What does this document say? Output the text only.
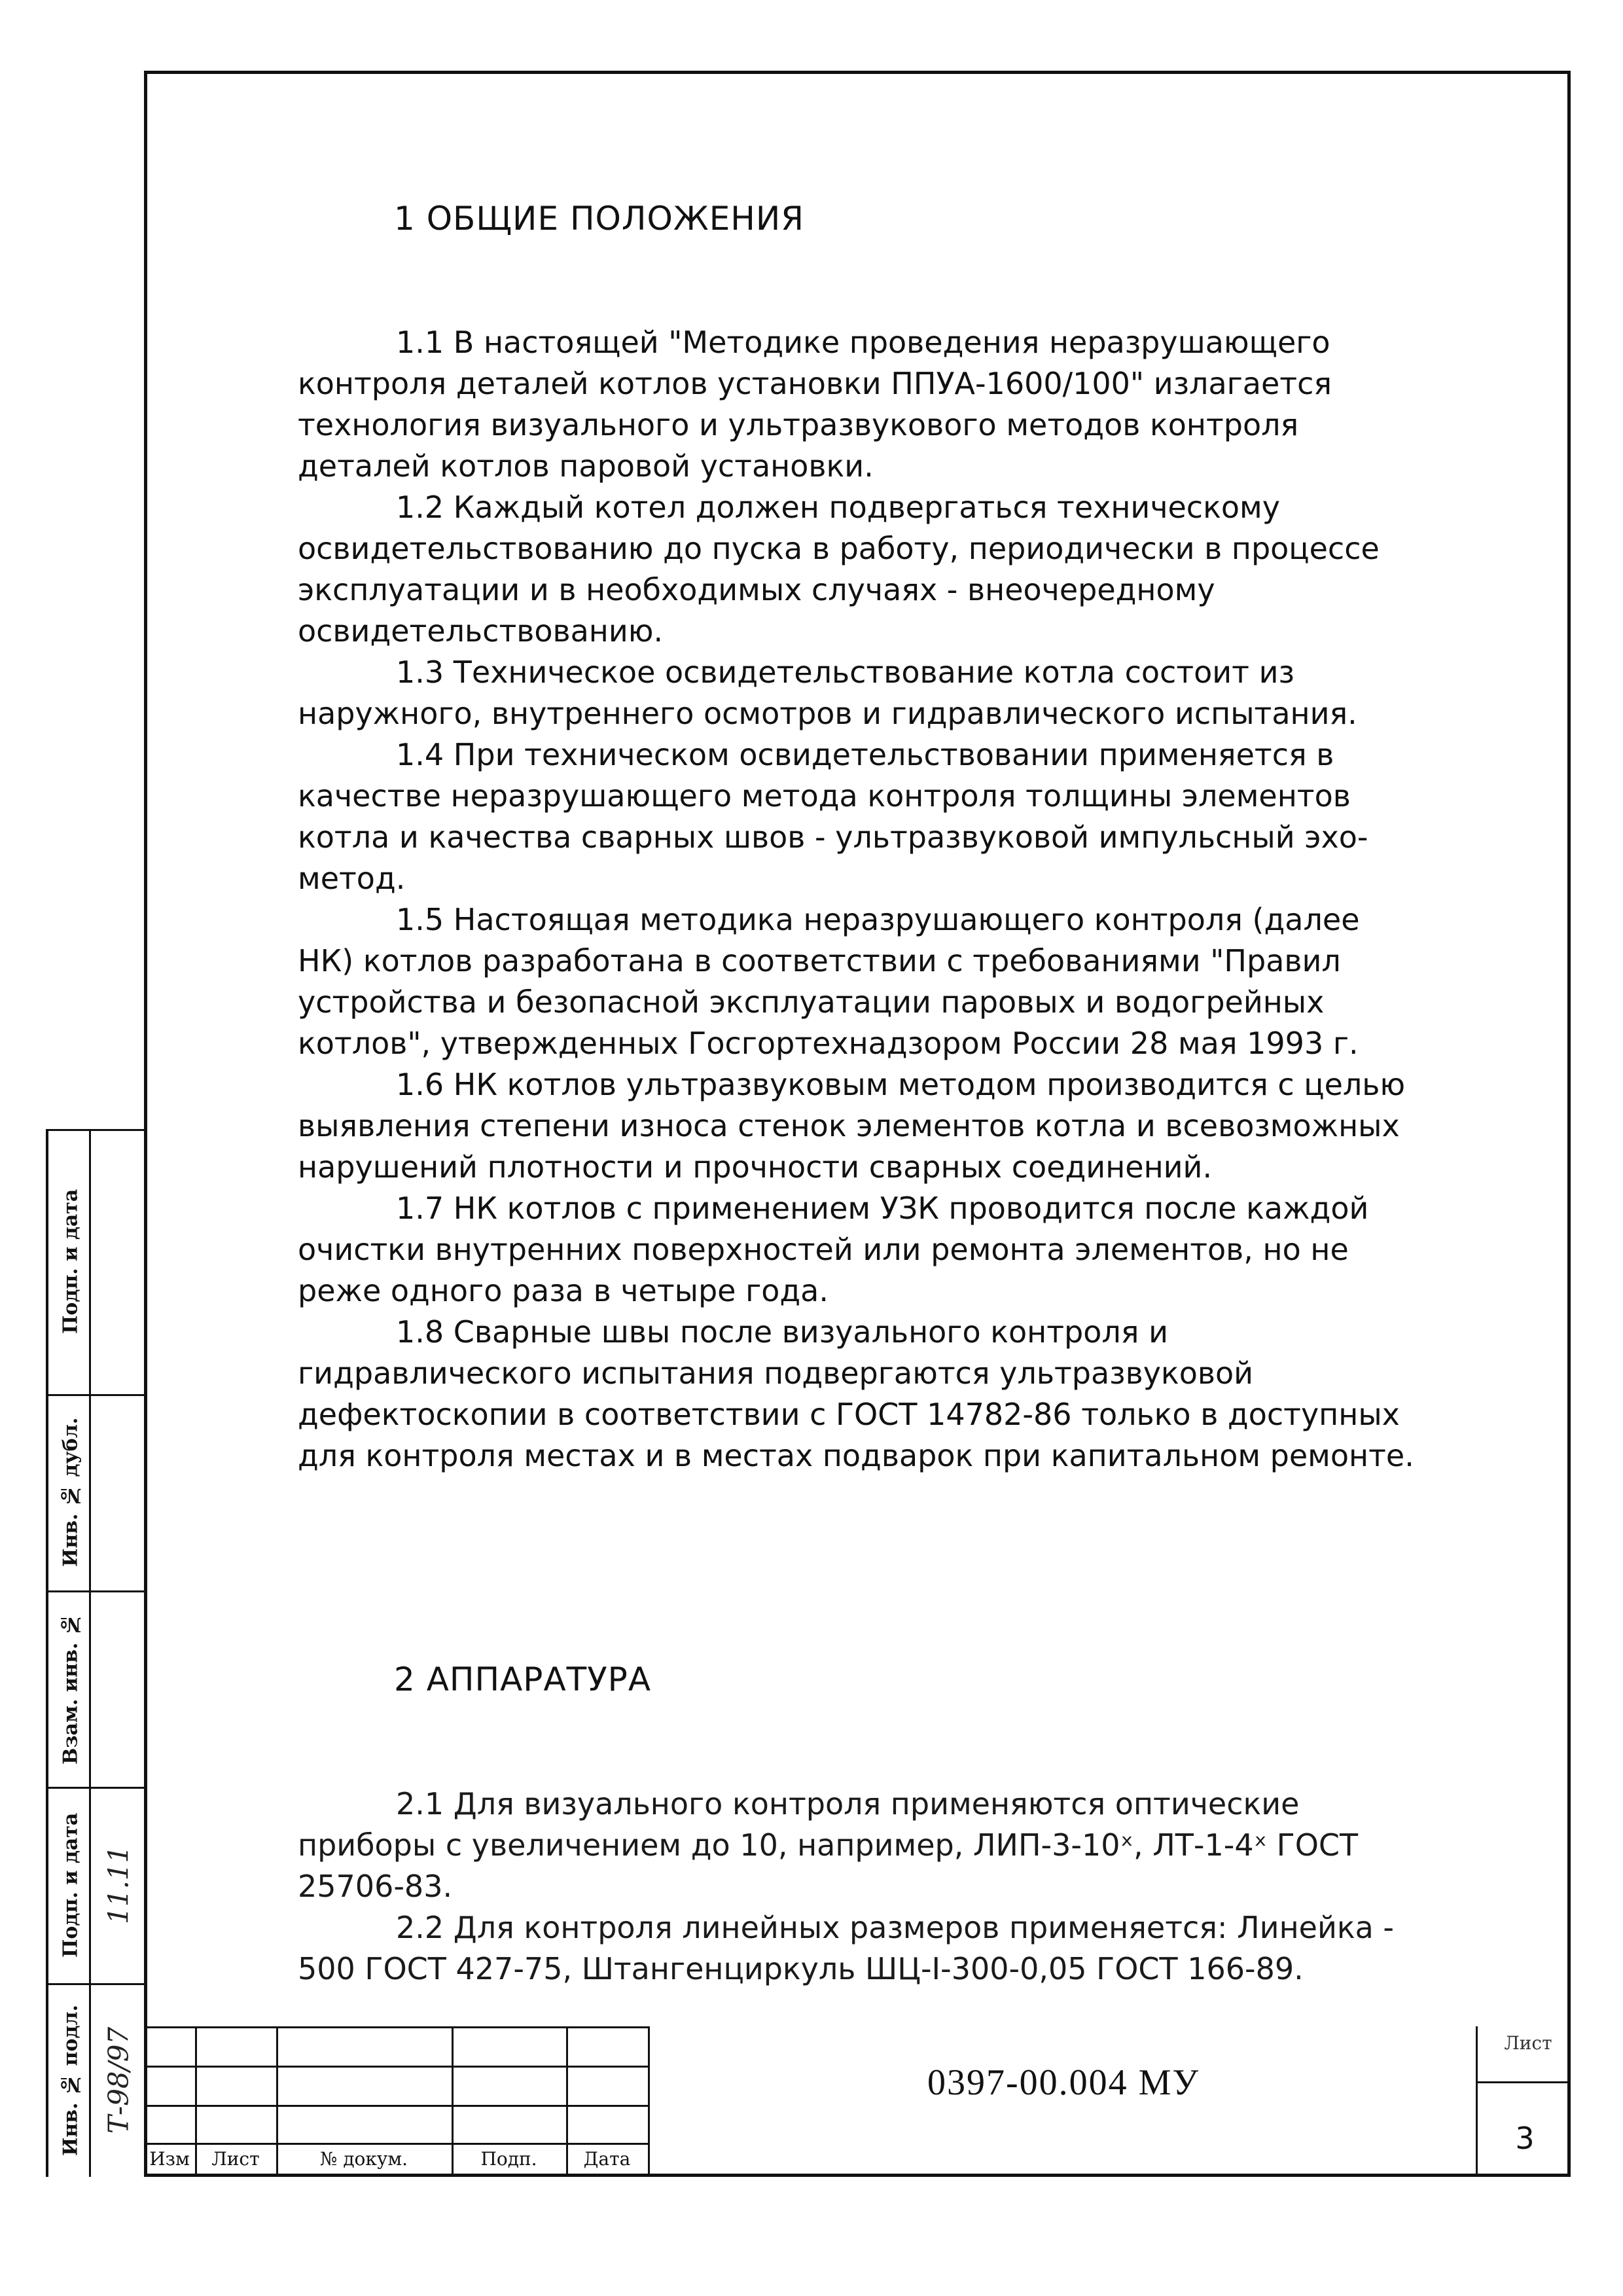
1 ОБЩИЕ ПОЛОЖЕНИЯ

1.1 В настоящей "Методике проведения неразрушающего контроля деталей котлов установки ППУА-1600/100" излагается технология визуального и ультразвукового методов контроля деталей котлов паровой установки.

1.2 Каждый котел должен подвергаться техническому освидетельствованию до пуска в работу, периодически в процессе эксплуатации и в необходимых случаях - внеочередному освидетельствованию.

1.3 Техническое освидетельствование котла состоит из наружного, внутреннего осмотров и гидравлического испытания.

1.4 При техническом освидетельствовании применяется в качестве неразрушающего метода контроля толщины элементов котла и качества сварных швов - ультразвуковой импульсный эхо-метод.

1.5 Настоящая методика неразрушающего контроля (далее НК) котлов разработана в соответствии с требованиями "Правил устройства и безопасной эксплуатации паровых и водогрейных котлов", утвержденных Госгортехнадзором России 28 мая 1993 г.

1.6 НК котлов ультразвуковым методом производится с целью выявления степени износа стенок элементов котла и всевозможных нарушений плотности и прочности сварных соединений.

1.7 НК котлов с применением УЗК проводится после каждой очистки внутренних поверхностей или ремонта элементов, но не реже одного раза в четыре года.

1.8 Сварные швы после визуального контроля и гидравлического испытания подвергаются ультразвуковой дефектоскопии в соответствии с ГОСТ 14782-86 только в доступных для контроля местах и в местах подварок при капитальном ремонте.

2 АППАРАТУРА

2.1 Для визуального контроля применяются оптические приборы с увеличением до 10, например, ЛИП-3-10ˣ, ЛТ-1-4ˣ ГОСТ 25706-83.

2.2 Для контроля линейных размеров применяется: Линейка - 500 ГОСТ 427-75, Штангенциркуль ШЦ-I-300-0,05 ГОСТ 166-89.

Инв. № подл.
Подп. и дата
Взам. инв. №
Инв. № дубл.
Подп. и дата
Т-98/97
11.11
Изм	Лист	№ докум.	Подп.	Дата
0397-00.004 МУ
Лист
3
